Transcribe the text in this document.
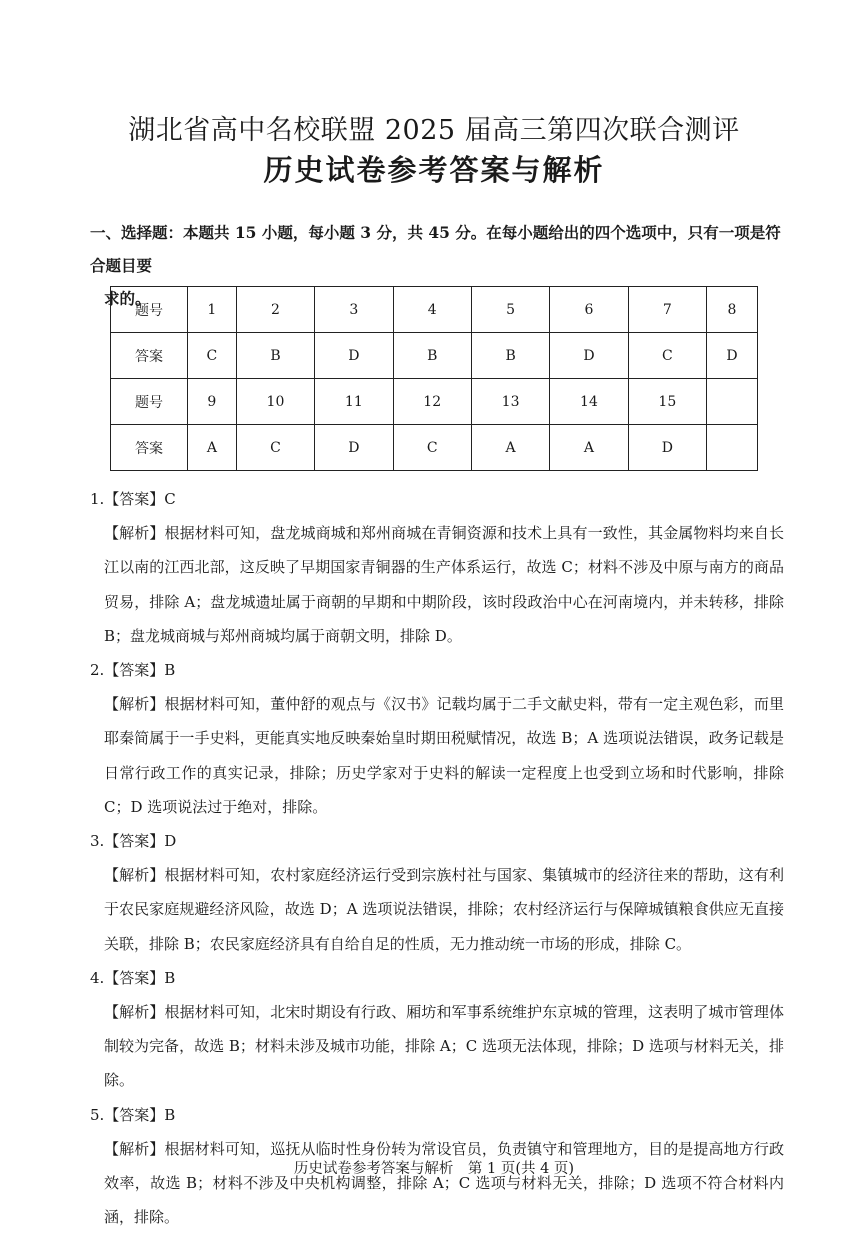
湖北省高中名校联盟 2025 届高三第四次联合测评
历史试卷参考答案与解析
一、选择题：本题共 15 小题，每小题 3 分，共 45 分。在每小题给出的四个选项中，只有一项是符合题目要
求的。
题号	1	2	3	4	5	6	7	8
答案	C	B	D	B	B	D	C	D
题号	9	10	11	12	13	14	15	
答案	A	C	D	C	A	A	D	

1.【答案】C

【解析】根据材料可知，盘龙城商城和郑州商城在青铜资源和技术上具有一致性，其金属物料均来自长江以南的江西北部，这反映了早期国家青铜器的生产体系运行，故选 C；材料不涉及中原与南方的商品贸易，排除 A；盘龙城遗址属于商朝的早期和中期阶段，该时段政治中心在河南境内，并未转移，排除 B；盘龙城商城与郑州商城均属于商朝文明，排除 D。

2.【答案】B

【解析】根据材料可知，董仲舒的观点与《汉书》记载均属于二手文献史料，带有一定主观色彩，而里耶秦简属于一手史料，更能真实地反映秦始皇时期田税赋情况，故选 B；A 选项说法错误，政务记载是日常行政工作的真实记录，排除；历史学家对于史料的解读一定程度上也受到立场和时代影响，排除 C；D 选项说法过于绝对，排除。

3.【答案】D

【解析】根据材料可知，农村家庭经济运行受到宗族村社与国家、集镇城市的经济往来的帮助，这有利于农民家庭规避经济风险，故选 D；A 选项说法错误，排除；农村经济运行与保障城镇粮食供应无直接关联，排除 B；农民家庭经济具有自给自足的性质，无力推动统一市场的形成，排除 C。

4.【答案】B

【解析】根据材料可知，北宋时期设有行政、厢坊和军事系统维护东京城的管理，这表明了城市管理体制较为完备，故选 B；材料未涉及城市功能，排除 A；C 选项无法体现，排除；D 选项与材料无关，排除。

5.【答案】B

【解析】根据材料可知，巡抚从临时性身份转为常设官员，负责镇守和管理地方，目的是提高地方行政效率，故选 B；材料不涉及中央机构调整，排除 A；C 选项与材料无关，排除；D 选项不符合材料内涵，排除。

历史试卷参考答案与解析　第 1 页(共 4 页)
